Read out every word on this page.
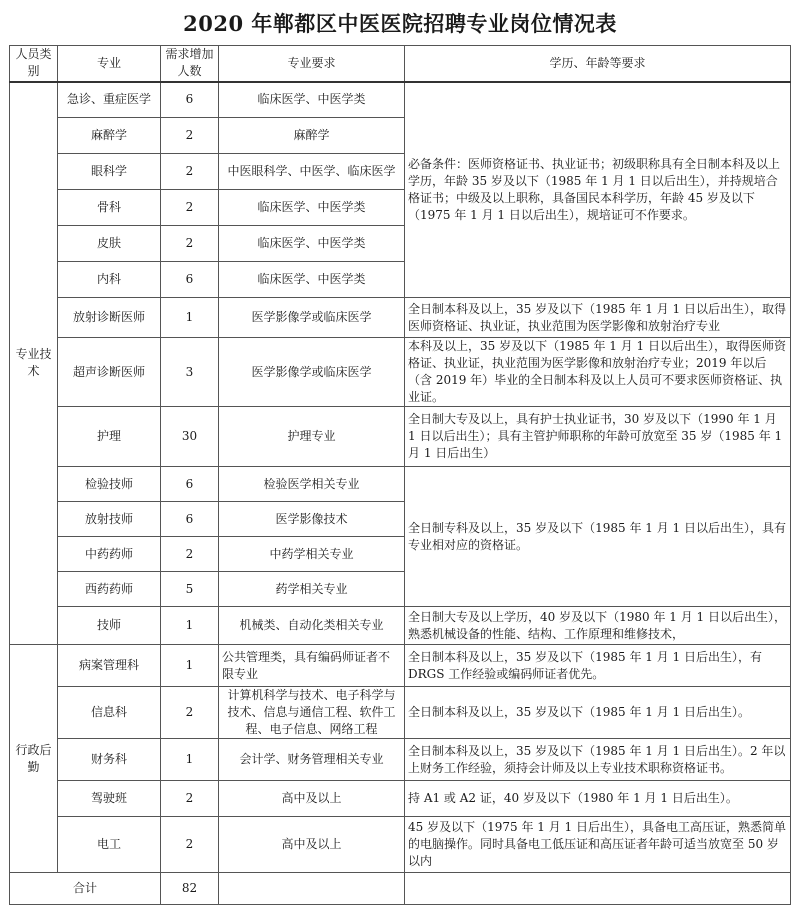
2020 年郸都区中医医院招聘专业岗位情况表
人员类别	专业	需求增加人数	专业要求	学历、年龄等要求
专业技术	急诊、重症医学	6	临床医学、中医学类	必备条件：医师资格证书、执业证书；初级职称具有全日制本科及以上学历，年龄 35 岁及以下（1985 年 1 月 1 日以后出生），并持规培合格证书；中级及以上职称，具备国民本科学历，年龄 45 岁及以下（1975 年 1 月 1 日以后出生），规培证可不作要求。
	麻醉学	2	麻醉学	
	眼科学	2	中医眼科学、中医学、临床医学	
	骨科	2	临床医学、中医学类	
	皮肤	2	临床医学、中医学类	
	内科	6	临床医学、中医学类	
	放射诊断医师	1	医学影像学或临床医学	全日制本科及以上，35 岁及以下（1985 年 1 月 1 日以后出生），取得医师资格证、执业证，执业范围为医学影像和放射治疗专业
	超声诊断医师	3	医学影像学或临床医学	本科及以上，35 岁及以下（1985 年 1 月 1 日以后出生），取得医师资格证、执业证，执业范围为医学影像和放射治疗专业；2019 年以后（含 2019 年）毕业的全日制本科及以上人员可不要求医师资格证、执业证。
	护理	30	护理专业	全日制大专及以上，具有护士执业证书，30 岁及以下（1990 年 1 月 1 日以后出生）；具有主管护师职称的年龄可放宽至 35 岁（1985 年 1 月 1 日后出生）
	检验技师	6	检验医学相关专业	全日制专科及以上，35 岁及以下（1985 年 1 月 1 日以后出生），具有专业相对应的资格证。
	放射技师	6	医学影像技术	
	中药药师	2	中药学相关专业	
	西药药师	5	药学相关专业	
	技师	1	机械类、自动化类相关专业	全日制大专及以上学历，40 岁及以下（1980 年 1 月 1 日以后出生），熟悉机械设备的性能、结构、工作原理和维修技术，
行政后勤	病案管理科	1	公共管理类，具有编码师证者不限专业	全日制本科及以上，35 岁及以下（1985 年 1 月 1 日后出生），有 DRGS 工作经验或编码师证者优先。
	信息科	2	计算机科学与技术、电子科学与技术、信息与通信工程、软件工程、电子信息、网络工程	全日制本科及以上，35 岁及以下（1985 年 1 月 1 日后出生）。
	财务科	1	会计学、财务管理相关专业	全日制本科及以上，35 岁及以下（1985 年 1 月 1 日后出生）。2 年以上财务工作经验，须持会计师及以上专业技术职称资格证书。
	驾驶班	2	高中及以上	持 A1 或 A2 证，40 岁及以下（1980 年 1 月 1 日后出生）。
	电工	2	高中及以上	45 岁及以下（1975 年 1 月 1 日后出生），具备电工高压证，熟悉简单的电脑操作。同时具备电工低压证和高压证者年龄可适当放宽至 50 岁以内
合计		82		
